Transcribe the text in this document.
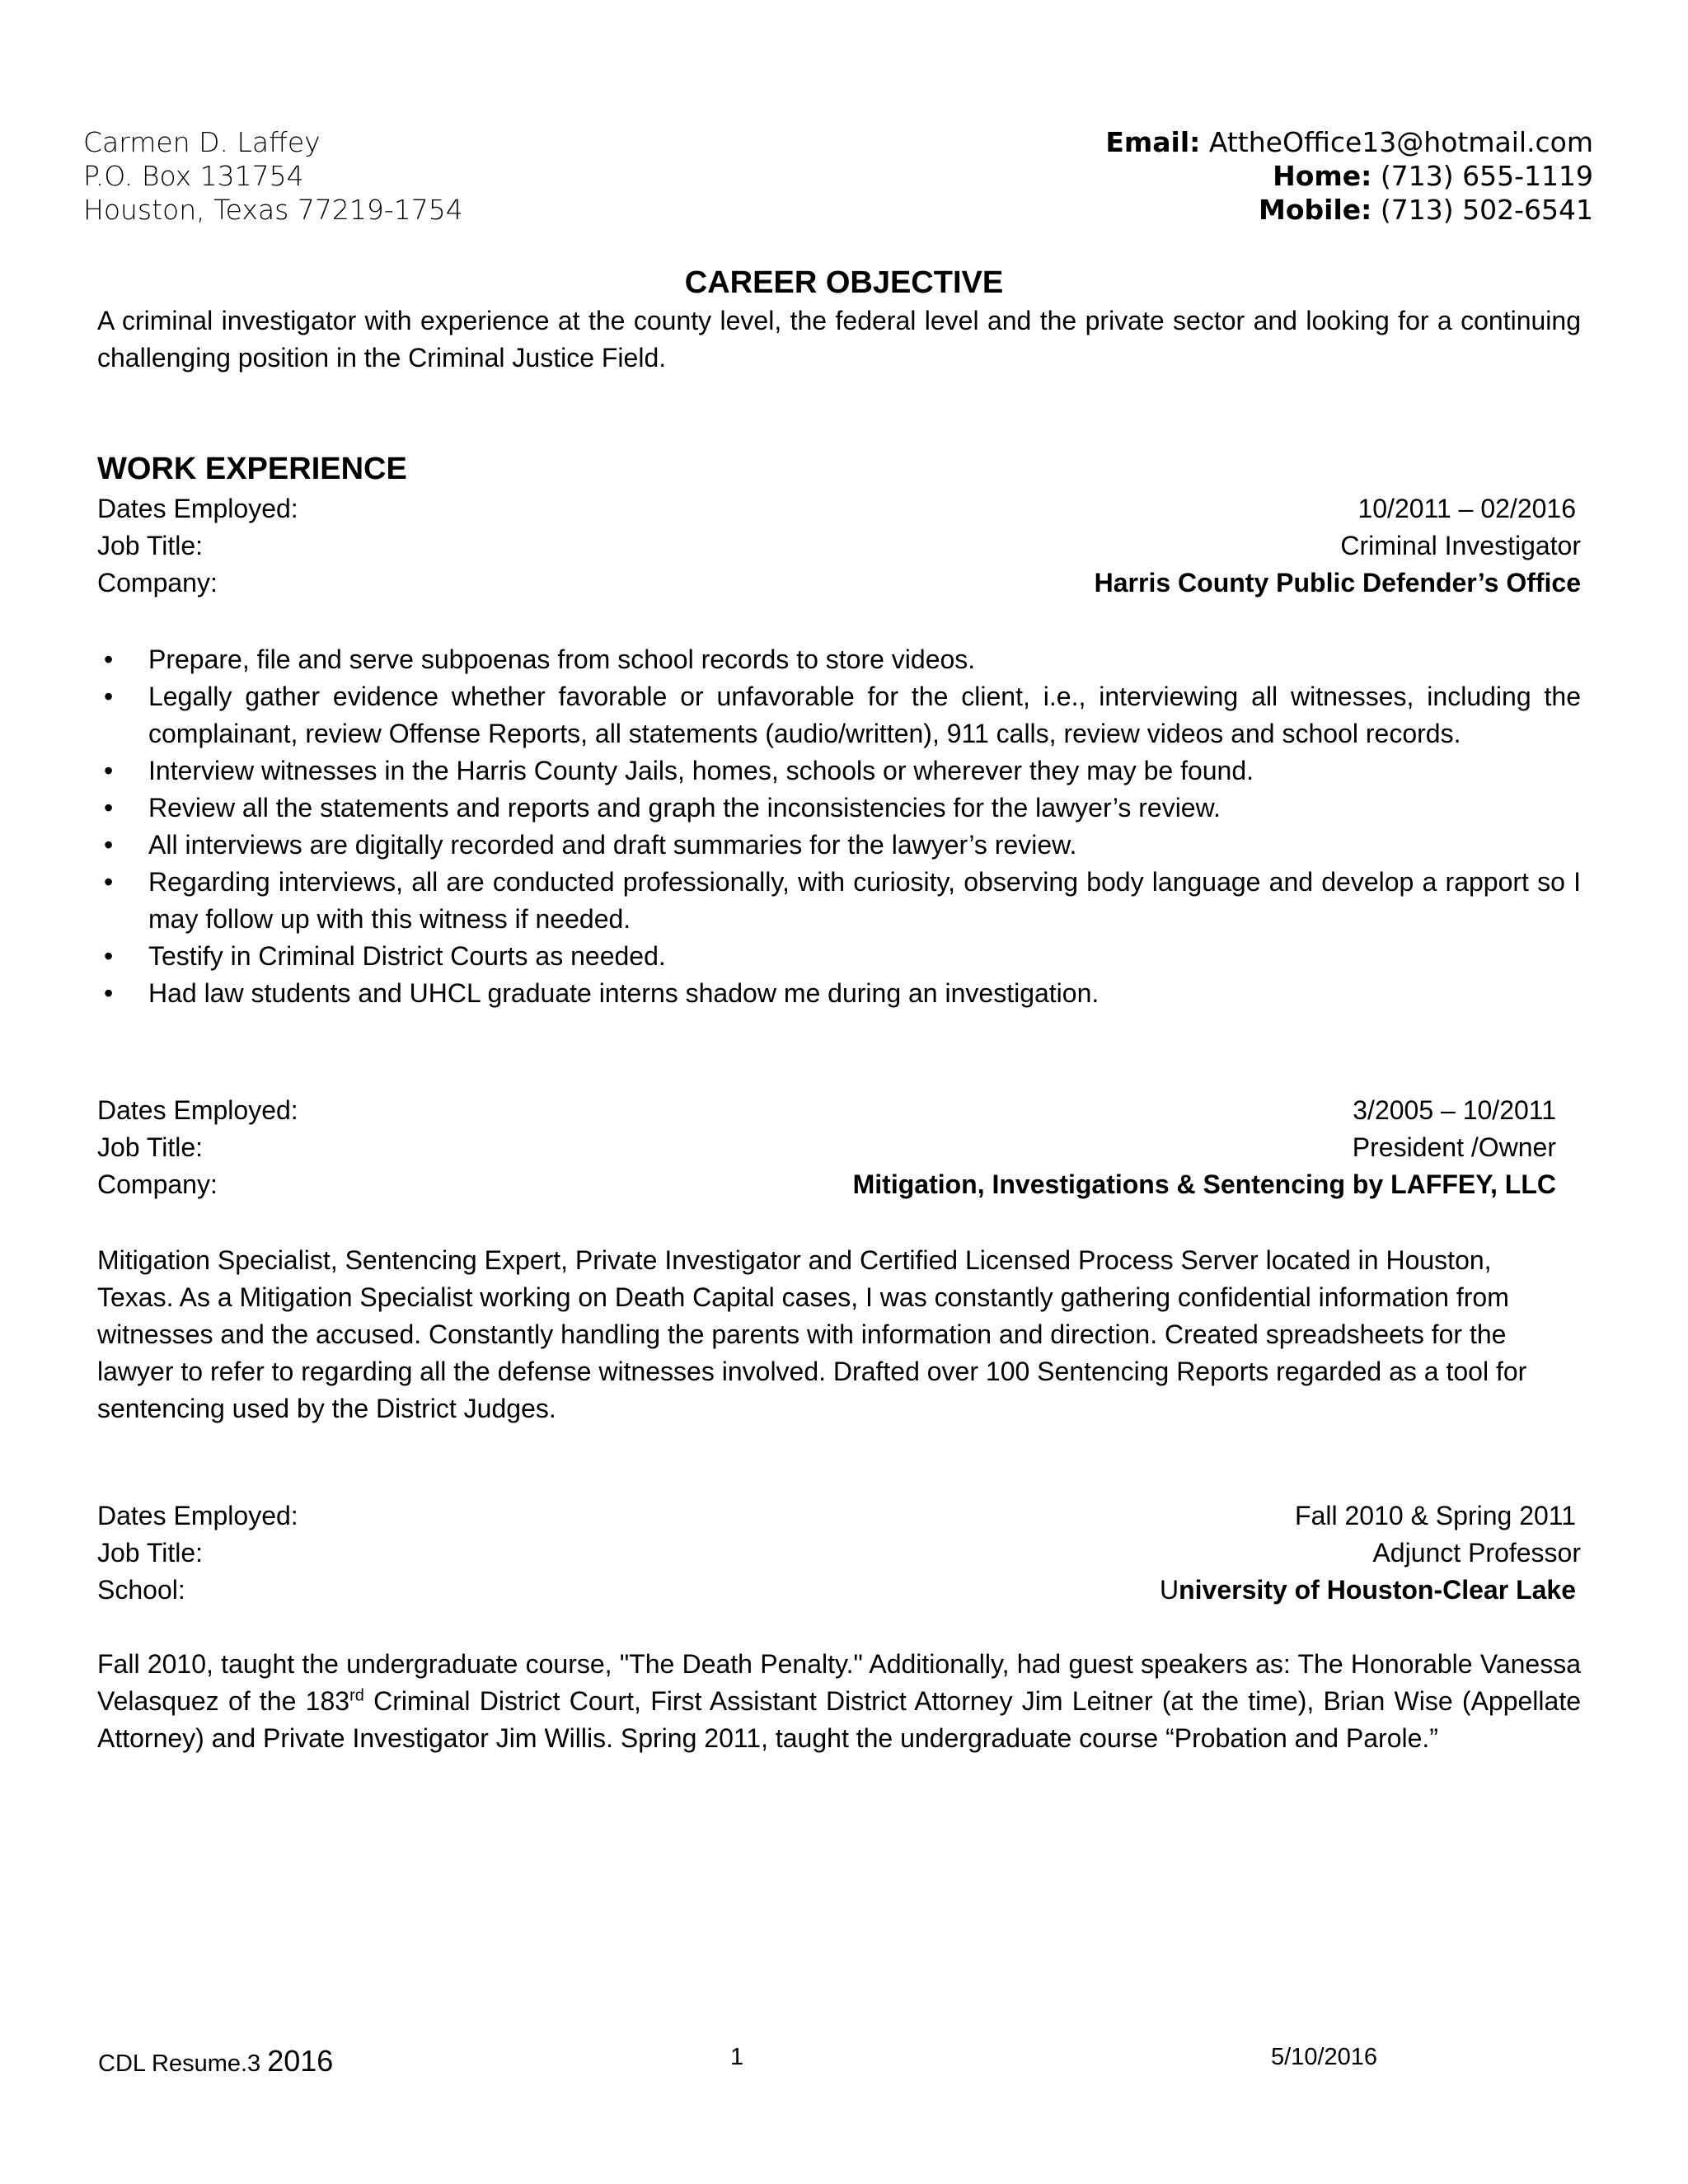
Carmen D. Laffey
P.O. Box 131754
Houston, Texas 77219-1754
Email: AttheOffice13@hotmail.com
Home: (713) 655-1119
Mobile: (713) 502-6541
CAREER OBJECTIVE
A criminal investigator with experience at the county level, the federal level and the private sector and looking for a continuing challenging position in the Criminal Justice Field.
WORK EXPERIENCE
Dates Employed:	10/2011 – 02/2016
Job Title:	Criminal Investigator
Company:	Harris County Public Defender’s Office
• Prepare, file and serve subpoenas from school records to store videos.
• Legally gather evidence whether favorable or unfavorable for the client, i.e., interviewing all witnesses, including the complainant, review Offense Reports, all statements (audio/written), 911 calls, review videos and school records.
• Interview witnesses in the Harris County Jails, homes, schools or wherever they may be found.
• Review all the statements and reports and graph the inconsistencies for the lawyer’s review.
• All interviews are digitally recorded and draft summaries for the lawyer’s review.
• Regarding interviews, all are conducted professionally, with curiosity, observing body language and develop a rapport so I may follow up with this witness if needed.
• Testify in Criminal District Courts as needed.
• Had law students and UHCL graduate interns shadow me during an investigation.
Dates Employed:	3/2005 – 10/2011
Job Title:	President /Owner
Company:	Mitigation, Investigations & Sentencing by LAFFEY, LLC
Mitigation Specialist, Sentencing Expert, Private Investigator and Certified Licensed Process Server located in Houston, Texas. As a Mitigation Specialist working on Death Capital cases, I was constantly gathering confidential information from witnesses and the accused. Constantly handling the parents with information and direction. Created spreadsheets for the lawyer to refer to regarding all the defense witnesses involved. Drafted over 100 Sentencing Reports regarded as a tool for sentencing used by the District Judges.
Dates Employed:	Fall 2010 & Spring 2011
Job Title:	Adjunct Professor
School:	University of Houston-Clear Lake
Fall 2010, taught the undergraduate course, "The Death Penalty." Additionally, had guest speakers as: The Honorable Vanessa Velasquez of the 183rd Criminal District Court, First Assistant District Attorney Jim Leitner (at the time), Brian Wise (Appellate Attorney) and Private Investigator Jim Willis. Spring 2011, taught the undergraduate course “Probation and Parole.”
CDL Resume.3 2016	1	5/10/2016
